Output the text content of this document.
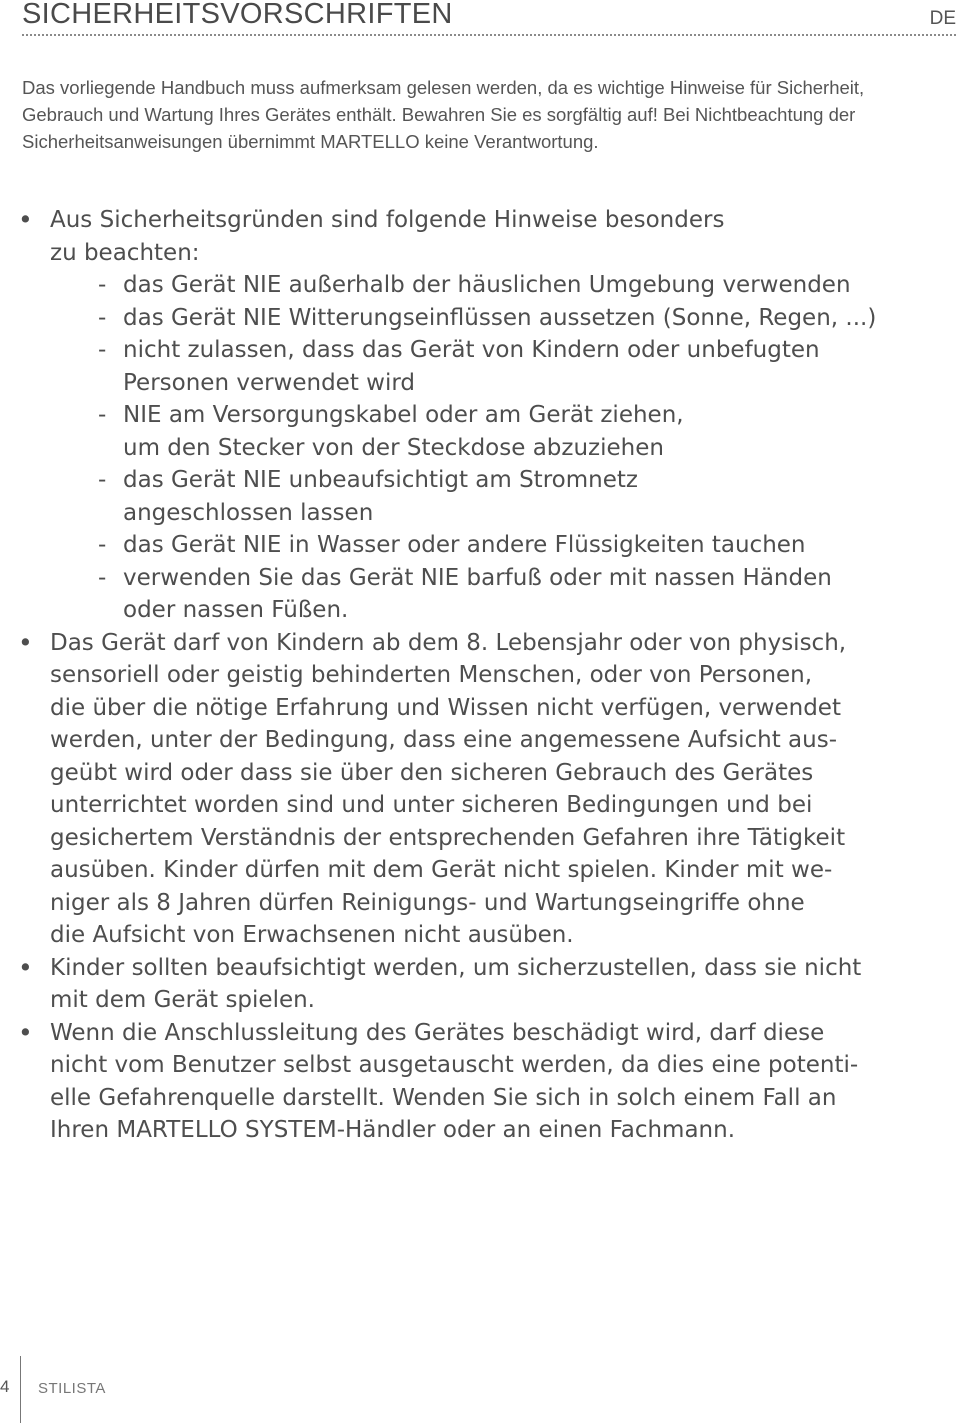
SICHERHEITSVORSCHRIFTEN	DE
Das vorliegende Handbuch muss aufmerksam gelesen werden, da es wichtige Hinweise für Sicherheit,
Gebrauch und Wartung Ihres Gerätes enthält. Bewahren Sie es sorgfältig auf! Bei Nichtbeachtung der
Sicherheitsanweisungen übernimmt MARTELLO keine Verantwortung.
• Aus Sicherheitsgründen sind folgende Hinweise besonders
zu beachten:
- das Gerät NIE außerhalb der häuslichen Umgebung verwenden
- das Gerät NIE Witterungseinflüssen aussetzen (Sonne, Regen, ...)
- nicht zulassen, dass das Gerät von Kindern oder unbefugten
Personen verwendet wird
- NIE am Versorgungskabel oder am Gerät ziehen,
um den Stecker von der Steckdose abzuziehen
- das Gerät NIE unbeaufsichtigt am Stromnetz
angeschlossen lassen
- das Gerät NIE in Wasser oder andere Flüssigkeiten tauchen
- verwenden Sie das Gerät NIE barfuß oder mit nassen Händen
oder nassen Füßen.
• Das Gerät darf von Kindern ab dem 8. Lebensjahr oder von physisch,
sensoriell oder geistig behinderten Menschen, oder von Personen,
die über die nötige Erfahrung und Wissen nicht verfügen, verwendet
werden, unter der Bedingung, dass eine angemessene Aufsicht aus-
geübt wird oder dass sie über den sicheren Gebrauch des Gerätes
unterrichtet worden sind und unter sicheren Bedingungen und bei
gesichertem Verständnis der entsprechenden Gefahren ihre Tätigkeit
ausüben. Kinder dürfen mit dem Gerät nicht spielen. Kinder mit we-
niger als 8 Jahren dürfen Reinigungs- und Wartungseingriffe ohne
die Aufsicht von Erwachsenen nicht ausüben.
• Kinder sollten beaufsichtigt werden, um sicherzustellen, dass sie nicht
mit dem Gerät spielen.
• Wenn die Anschlussleitung des Gerätes beschädigt wird, darf diese
nicht vom Benutzer selbst ausgetauscht werden, da dies eine potenti-
elle Gefahrenquelle darstellt. Wenden Sie sich in solch einem Fall an
Ihren MARTELLO SYSTEM-Händler oder an einen Fachmann.
4 STILISTA
